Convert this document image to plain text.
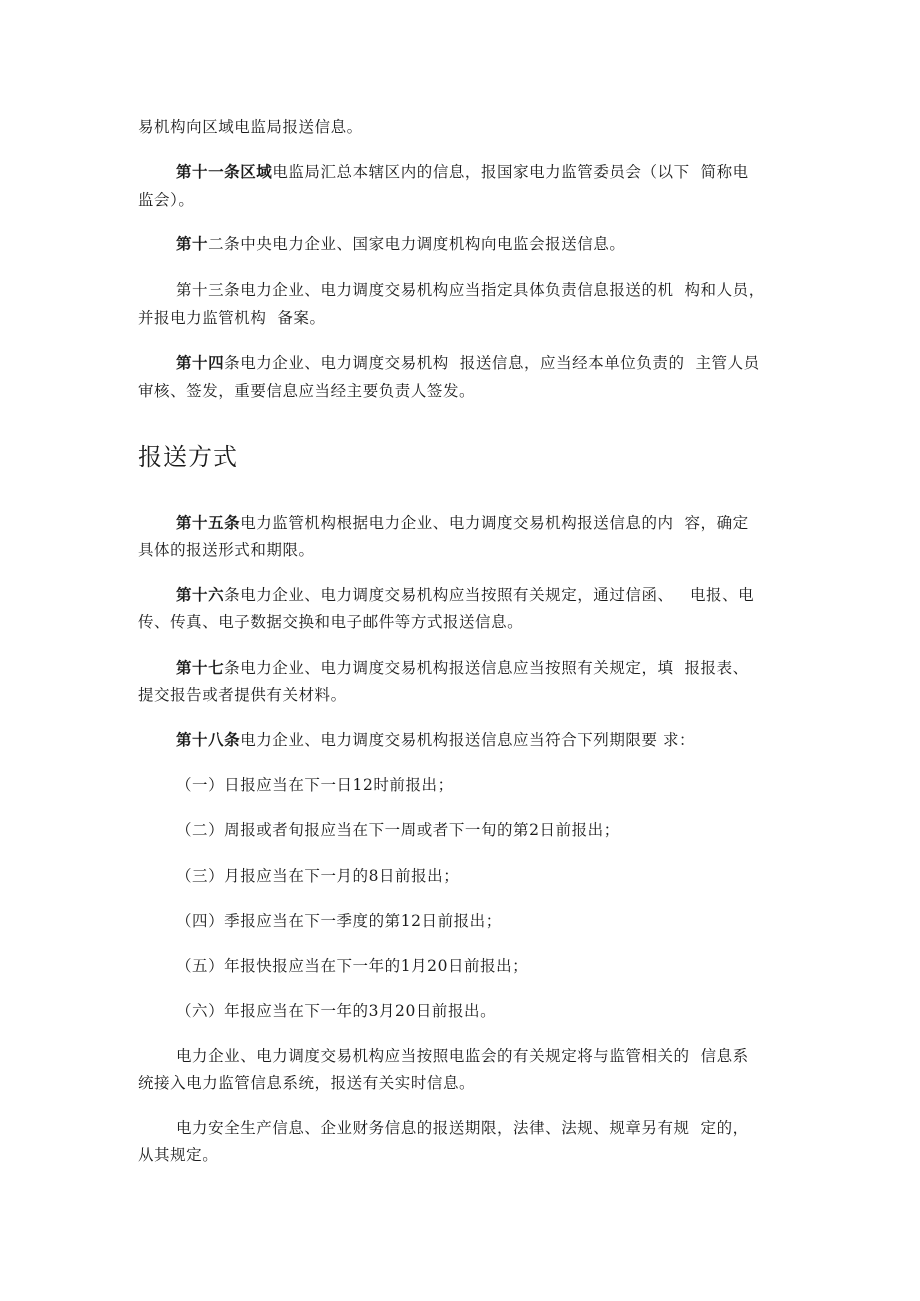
易机构向区域电监局报送信息。
第十一条区域电监局汇总本辖区内的信息，报国家电力监管委员会（以下  简称电
监会）。
第十二条中央电力企业、国家电力调度机构向电监会报送信息。
第十三条电力企业、电力调度交易机构应当指定具体负责信息报送的机  构和人员，
并报电力监管机构  备案。
第十四条电力企业、电力调度交易机构  报送信息，应当经本单位负责的  主管人员
审核、签发，重要信息应当经主要负责人签发。
报送方式
第十五条电力监管机构根据电力企业、电力调度交易机构报送信息的内  容，确定
具体的报送形式和期限。
第十六条电力企业、电力调度交易机构应当按照有关规定，通过信函、   电报、电
传、传真、电子数据交换和电子邮件等方式报送信息。
第十七条电力企业、电力调度交易机构报送信息应当按照有关规定，填  报报表、
提交报告或者提供有关材料。
第十八条电力企业、电力调度交易机构报送信息应当符合下列期限要 求：
（一）日报应当在下一日12时前报出；
（二）周报或者旬报应当在下一周或者下一旬的第2日前报出；
（三）月报应当在下一月的8日前报出；
（四）季报应当在下一季度的第12日前报出；
（五）年报快报应当在下一年的1月20日前报出；
（六）年报应当在下一年的3月20日前报出。
电力企业、电力调度交易机构应当按照电监会的有关规定将与监管相关的  信息系
统接入电力监管信息系统，报送有关实时信息。
电力安全生产信息、企业财务信息的报送期限，法律、法规、规章另有规  定的，
从其规定。
